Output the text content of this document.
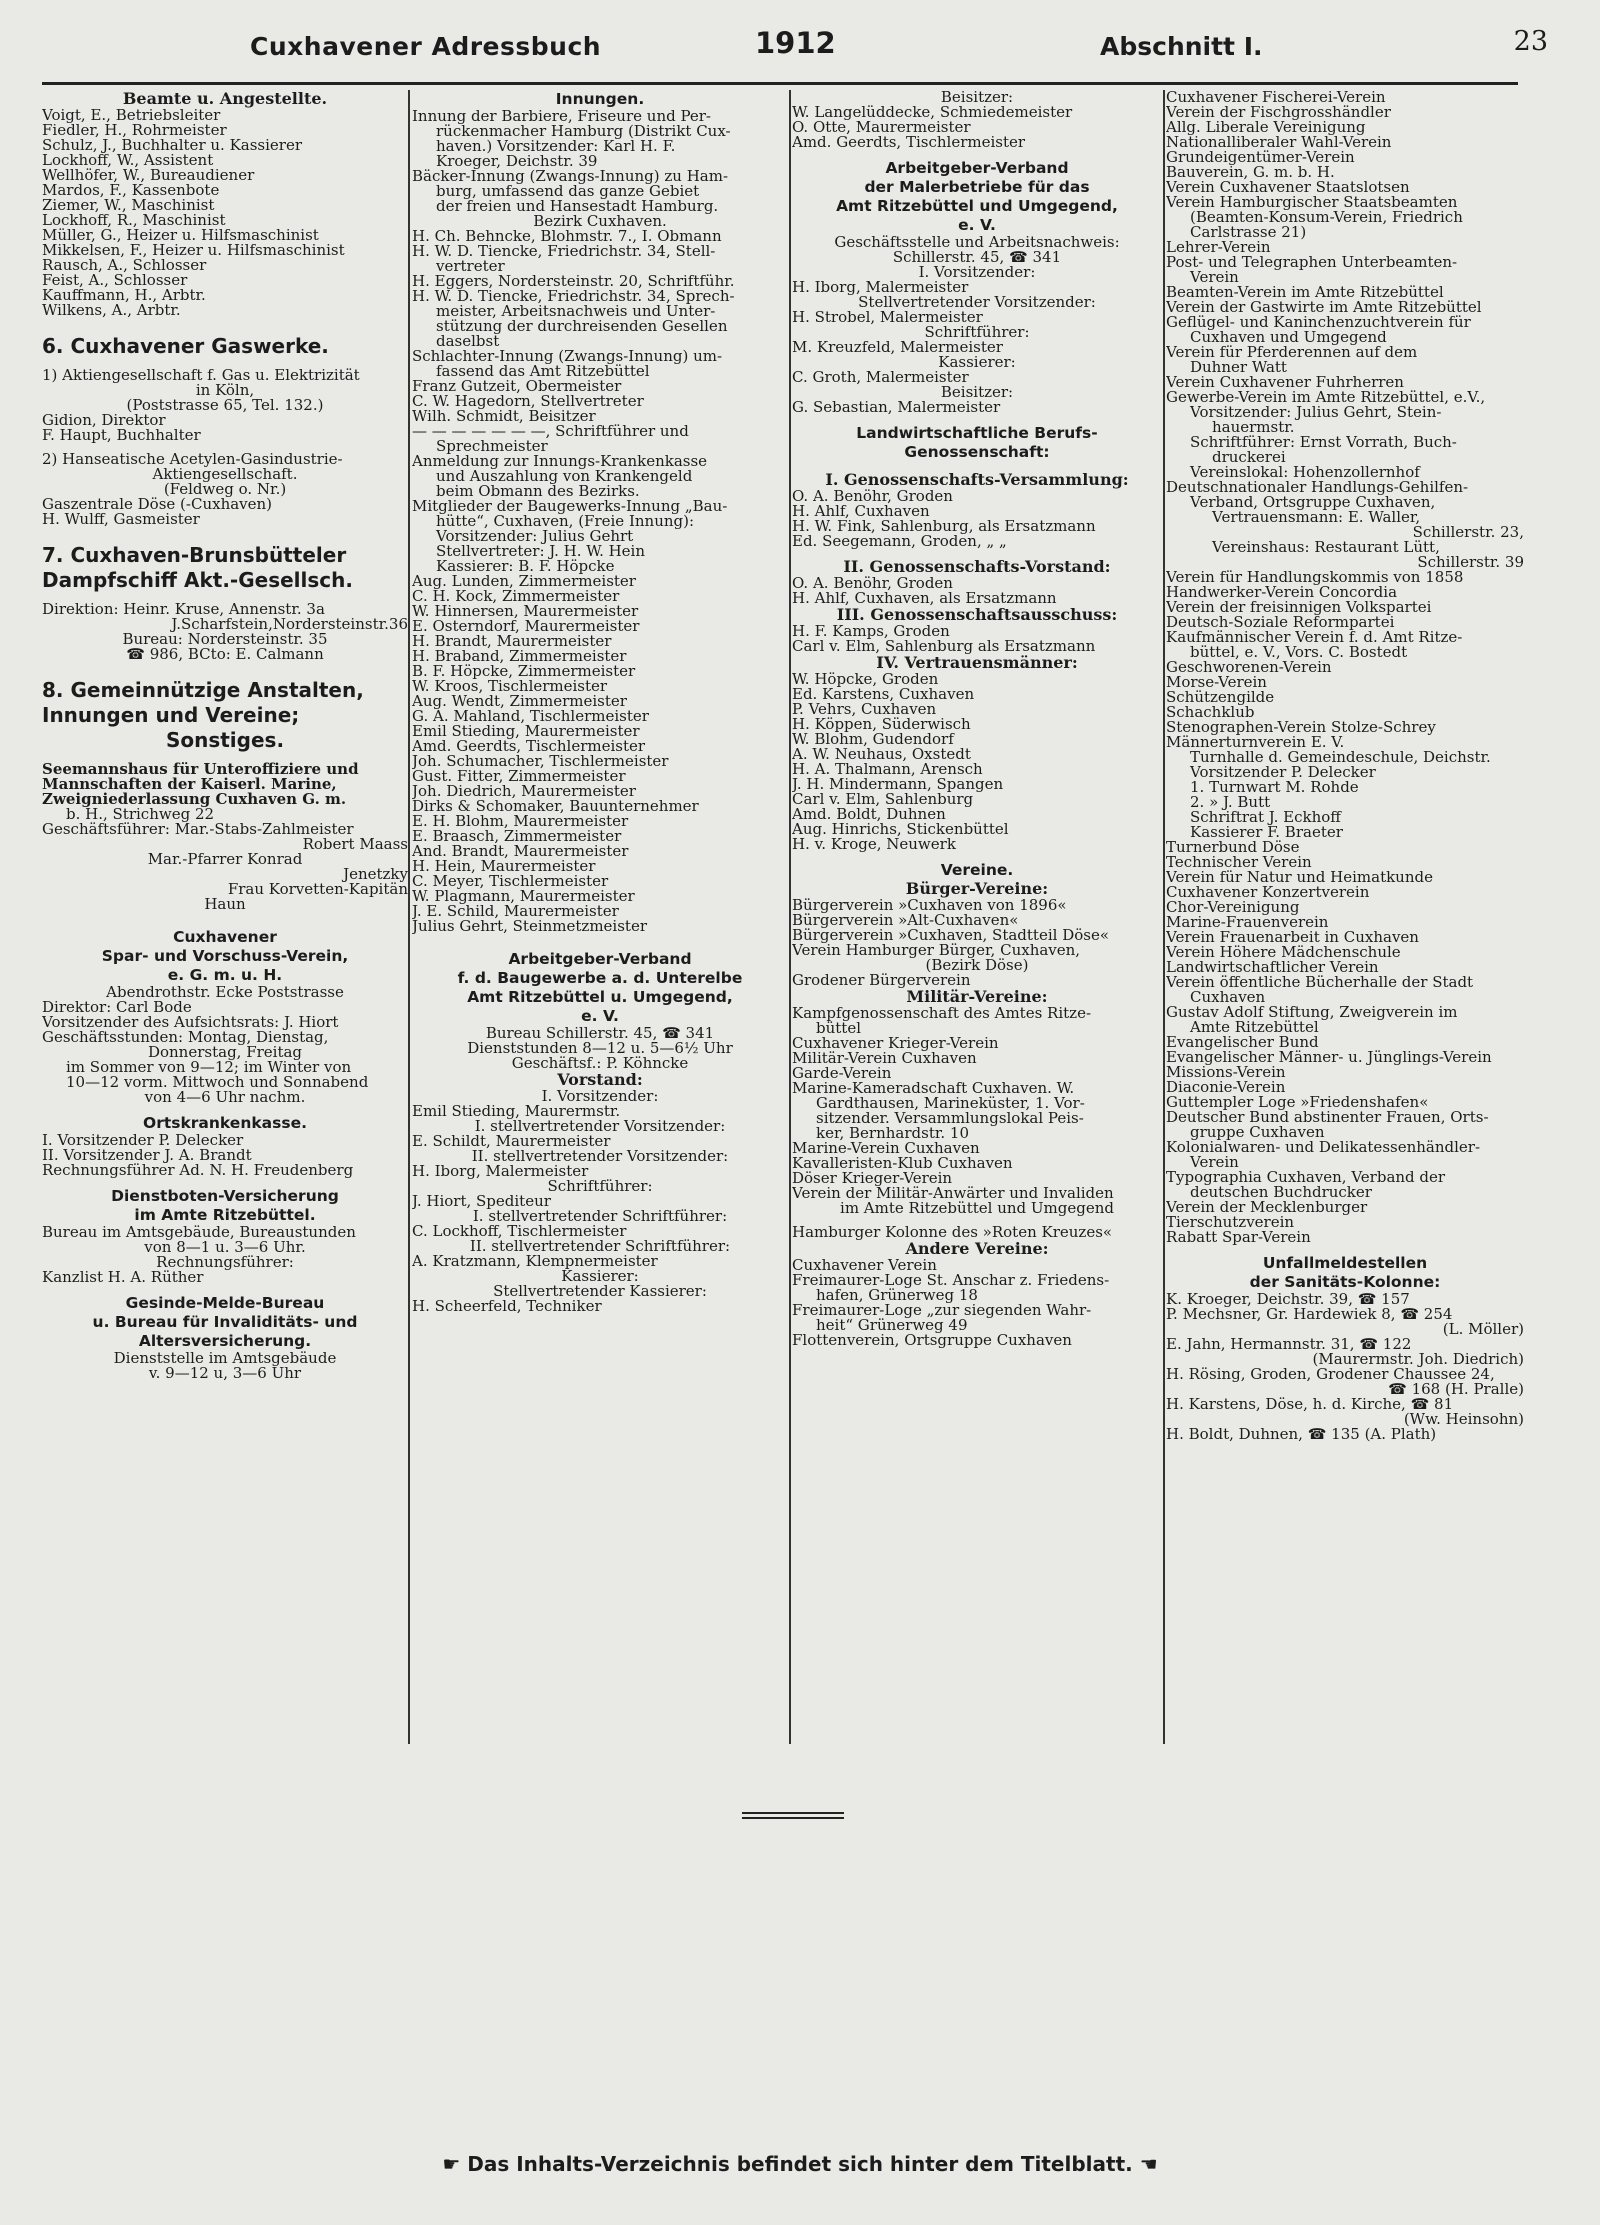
Cuxhavener Adressbuch	1912	Abschnitt I.	23
Beamte u. Angestellte.
Voigt, E., Betriebsleiter
Fiedler, H., Rohrmeister
Schulz, J., Buchhalter u. Kassierer
Lockhoff, W., Assistent
Wellhöfer, W., Bureaudiener
Mardos, F., Kassenbote
Ziemer, W., Maschinist
Lockhoff, R., Maschinist
Müller, G., Heizer u. Hilfsmaschinist
Mikkelsen, F., Heizer u. Hilfsmaschinist
Rausch, A., Schlosser
Feist, A., Schlosser
Kauffmann, H., Arbtr.
Wilkens, A., Arbtr.
6. Cuxhavener Gaswerke.
1) Aktiengesellschaft f. Gas u. Elektrizität
in Köln,
(Poststrasse 65, Tel. 132.)
Gidion, Direktor
F. Haupt, Buchhalter
2) Hanseatische Acetylen-Gasindustrie-
Aktiengesellschaft.
(Feldweg o. Nr.)
Gaszentrale Döse (-Cuxhaven)
H. Wulff, Gasmeister
7. Cuxhaven-Brunsbütteler
Dampfschiff Akt.-Gesellsch.
Direktion: Heinr. Kruse, Annenstr. 3a
J.Scharfstein,Nordersteinstr.36
Bureau: Nordersteinstr. 35
☎ 986, BCto: E. Calmann
8. Gemeinnützige Anstalten,
Innungen und Vereine;
Sonstiges.
Seemannshaus für Unteroffiziere und
Mannschaften der Kaiserl. Marine,
Zweigniederlassung Cuxhaven G. m.
b. H., Strichweg 22
Geschäftsführer: Mar.-Stabs-Zahlmeister
Robert Maass
Mar.-Pfarrer Konrad
Jenetzky
Frau Korvetten-Kapitän
Haun
Cuxhavener
Spar- und Vorschuss-Verein,
e. G. m. u. H.
Abendrothstr. Ecke Poststrasse
Direktor: Carl Bode
Vorsitzender des Aufsichtsrats: J. Hiort
Geschäftsstunden: Montag, Dienstag,
Donnerstag, Freitag
im Sommer von 9—12; im Winter von
10—12 vorm. Mittwoch und Sonnabend
von 4—6 Uhr nachm.
Ortskrankenkasse.
I. Vorsitzender P. Delecker
II. Vorsitzender J. A. Brandt
Rechnungsführer Ad. N. H. Freudenberg
Dienstboten-Versicherung
im Amte Ritzebüttel.
Bureau im Amtsgebäude, Bureaustunden
von 8—1 u. 3—6 Uhr.
Rechnungsführer:
Kanzlist H. A. Rüther
Gesinde-Melde-Bureau
u. Bureau für Invaliditäts- und
Altersversicherung.
Dienststelle im Amtsgebäude
v. 9—12 u, 3—6 Uhr
Innungen.
Innung der Barbiere, Friseure und Per-
rückenmacher Hamburg (Distrikt Cux-
haven.) Vorsitzender: Karl H. F.
Kroeger, Deichstr. 39
Bäcker-Innung (Zwangs-Innung) zu Ham-
burg, umfassend das ganze Gebiet
der freien und Hansestadt Hamburg.
Bezirk Cuxhaven.
H. Ch. Behncke, Blohmstr. 7., I. Obmann
H. W. D. Tiencke, Friedrichstr. 34, Stell-
vertreter
H. Eggers, Nordersteinstr. 20, Schriftführ.
H. W. D. Tiencke, Friedrichstr. 34, Sprech-
meister, Arbeitsnachweis und Unter-
stützung der durchreisenden Gesellen
daselbst
Schlachter-Innung (Zwangs-Innung) um-
fassend das Amt Ritzebüttel
Franz Gutzeit, Obermeister
C. W. Hagedorn, Stellvertreter
Wilh. Schmidt, Beisitzer
— — — — — — —, Schriftführer und
Sprechmeister
Anmeldung zur Innungs-Krankenkasse
und Auszahlung von Krankengeld
beim Obmann des Bezirks.
Mitglieder der Baugewerks-Innung „Bau-
hütte“, Cuxhaven, (Freie Innung):
Vorsitzender: Julius Gehrt
Stellvertreter: J. H. W. Hein
Kassierer: B. F. Höpcke
Aug. Lunden, Zimmermeister
C. H. Kock, Zimmermeister
W. Hinnersen, Maurermeister
E. Osterndorf, Maurermeister
H. Brandt, Maurermeister
H. Braband, Zimmermeister
B. F. Höpcke, Zimmermeister
W. Kroos, Tischlermeister
Aug. Wendt, Zimmermeister
G. A. Mahland, Tischlermeister
Emil Stieding, Maurermeister
Amd. Geerdts, Tischlermeister
Joh. Schumacher, Tischlermeister
Gust. Fitter, Zimmermeister
Joh. Diedrich, Maurermeister
Dirks & Schomaker, Bauunternehmer
E. H. Blohm, Maurermeister
E. Braasch, Zimmermeister
And. Brandt, Maurermeister
H. Hein, Maurermeister
C. Meyer, Tischlermeister
W. Plagmann, Maurermeister
J. E. Schild, Maurermeister
Julius Gehrt, Steinmetzmeister
Arbeitgeber-Verband
f. d. Baugewerbe a. d. Unterelbe
Amt Ritzebüttel u. Umgegend,
e. V.
Bureau Schillerstr. 45, ☎ 341
Dienststunden 8—12 u. 5—6½ Uhr
Geschäftsf.: P. Köhncke
Vorstand:
I. Vorsitzender:
Emil Stieding, Maurermstr.
I. stellvertretender Vorsitzender:
E. Schildt, Maurermeister
II. stellvertretender Vorsitzender:
H. Iborg, Malermeister
Schriftführer:
J. Hiort, Spediteur
I. stellvertretender Schriftführer:
C. Lockhoff, Tischlermeister
II. stellvertretender Schriftführer:
A. Kratzmann, Klempnermeister
Kassierer:
Stellvertretender Kassierer:
H. Scheerfeld, Techniker
Beisitzer:
W. Langelüddecke, Schmiedemeister
O. Otte, Maurermeister
Amd. Geerdts, Tischlermeister
Arbeitgeber-Verband
der Malerbetriebe für das
Amt Ritzebüttel und Umgegend,
e. V.
Geschäftsstelle und Arbeitsnachweis:
Schillerstr. 45, ☎ 341
I. Vorsitzender:
H. Iborg, Malermeister
Stellvertretender Vorsitzender:
H. Strobel, Malermeister
Schriftführer:
M. Kreuzfeld, Malermeister
Kassierer:
C. Groth, Malermeister
Beisitzer:
G. Sebastian, Malermeister
Landwirtschaftliche Berufs-
Genossenschaft:
I. Genossenschafts-Versammlung:
O. A. Benöhr, Groden
H. Ahlf, Cuxhaven
H. W. Fink, Sahlenburg, als Ersatzmann
Ed. Seegemann, Groden, „ „
II. Genossenschafts-Vorstand:
O. A. Benöhr, Groden
H. Ahlf, Cuxhaven, als Ersatzmann
III. Genossenschaftsausschuss:
H. F. Kamps, Groden
Carl v. Elm, Sahlenburg als Ersatzmann
IV. Vertrauensmänner:
W. Höpcke, Groden
Ed. Karstens, Cuxhaven
P. Vehrs, Cuxhaven
H. Köppen, Süderwisch
W. Blohm, Gudendorf
A. W. Neuhaus, Oxstedt
H. A. Thalmann, Arensch
J. H. Mindermann, Spangen
Carl v. Elm, Sahlenburg
Amd. Boldt, Duhnen
Aug. Hinrichs, Stickenbüttel
H. v. Kroge, Neuwerk
Vereine.
Bürger-Vereine:
Bürgerverein »Cuxhaven von 1896«
Bürgerverein »Alt-Cuxhaven«
Bürgerverein »Cuxhaven, Stadtteil Döse«
Verein Hamburger Bürger, Cuxhaven,
(Bezirk Döse)
Grodener Bürgerverein
Militär-Vereine:
Kampfgenossenschaft des Amtes Ritze-
büttel
Cuxhavener Krieger-Verein
Militär-Verein Cuxhaven
Garde-Verein
Marine-Kameradschaft Cuxhaven. W.
Gardthausen, Marineküster, 1. Vor-
sitzender. Versammlungslokal Peis-
ker, Bernhardstr. 10
Marine-Verein Cuxhaven
Kavalleristen-Klub Cuxhaven
Döser Krieger-Verein
Verein der Militär-Anwärter und Invaliden
im Amte Ritzebüttel und Umgegend
Hamburger Kolonne des »Roten Kreuzes«
Andere Vereine:
Cuxhavener Verein
Freimaurer-Loge St. Anschar z. Friedens-
hafen, Grünerweg 18
Freimaurer-Loge „zur siegenden Wahr-
heit“ Grünerweg 49
Flottenverein, Ortsgruppe Cuxhaven
Cuxhavener Fischerei-Verein
Verein der Fischgrosshändler
Allg. Liberale Vereinigung
Nationalliberaler Wahl-Verein
Grundeigentümer-Verein
Bauverein, G. m. b. H.
Verein Cuxhavener Staatslotsen
Verein Hamburgischer Staatsbeamten
(Beamten-Konsum-Verein, Friedrich
Carlstrasse 21)
Lehrer-Verein
Post- und Telegraphen Unterbeamten-
Verein
Beamten-Verein im Amte Ritzebüttel
Verein der Gastwirte im Amte Ritzebüttel
Geflügel- und Kaninchenzuchtverein für
Cuxhaven und Umgegend
Verein für Pferderennen auf dem
Duhner Watt
Verein Cuxhavener Fuhrherren
Gewerbe-Verein im Amte Ritzebüttel, e.V.,
Vorsitzender: Julius Gehrt, Stein-
hauermstr.
Schriftführer: Ernst Vorrath, Buch-
druckerei
Vereinslokal: Hohenzollernhof
Deutschnationaler Handlungs-Gehilfen-
Verband, Ortsgruppe Cuxhaven,
Vertrauensmann: E. Waller,
Schillerstr. 23,
Vereinshaus: Restaurant Lütt,
Schillerstr. 39
Verein für Handlungskommis von 1858
Handwerker-Verein Concordia
Verein der freisinnigen Volkspartei
Deutsch-Soziale Reformpartei
Kaufmännischer Verein f. d. Amt Ritze-
büttel, e. V., Vors. C. Bostedt
Geschworenen-Verein
Morse-Verein
Schützengilde
Schachklub
Stenographen-Verein Stolze-Schrey
Männerturnverein E. V.
Turnhalle d. Gemeindeschule, Deichstr.
Vorsitzender P. Delecker
1. Turnwart M. Rohde
2. » J. Butt
Schriftrat J. Eckhoff
Kassierer F. Braeter
Turnerbund Döse
Technischer Verein
Verein für Natur und Heimatkunde
Cuxhavener Konzertverein
Chor-Vereinigung
Marine-Frauenverein
Verein Frauenarbeit in Cuxhaven
Verein Höhere Mädchenschule
Landwirtschaftlicher Verein
Verein öffentliche Bücherhalle der Stadt
Cuxhaven
Gustav Adolf Stiftung, Zweigverein im
Amte Ritzebüttel
Evangelischer Bund
Evangelischer Männer- u. Jünglings-Verein
Missions-Verein
Diaconie-Verein
Guttempler Loge »Friedenshafen«
Deutscher Bund abstinenter Frauen, Orts-
gruppe Cuxhaven
Kolonialwaren- und Delikatessenhändler-
Verein
Typographia Cuxhaven, Verband der
deutschen Buchdrucker
Verein der Mecklenburger
Tierschutzverein
Rabatt Spar-Verein
Unfallmeldestellen
der Sanitäts-Kolonne:
K. Kroeger, Deichstr. 39, ☎ 157
P. Mechsner, Gr. Hardewiek 8, ☎ 254
(L. Möller)
E. Jahn, Hermannstr. 31, ☎ 122
(Maurermstr. Joh. Diedrich)
H. Rösing, Groden, Grodener Chaussee 24,
☎ 168 (H. Pralle)
H. Karstens, Döse, h. d. Kirche, ☎ 81
(Ww. Heinsohn)
H. Boldt, Duhnen, ☎ 135 (A. Plath)
☛ Das Inhalts-Verzeichnis befindet sich hinter dem Titelblatt. ☚
